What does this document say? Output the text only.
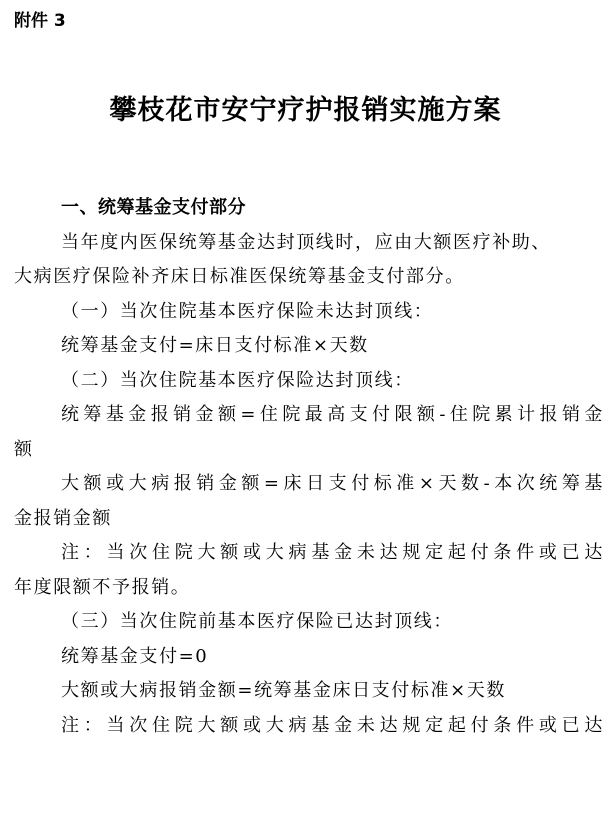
附件 3
攀枝花市安宁疗护报销实施方案
一、统筹基金支付部分
当年度内医保统筹基金达封顶线时，应由大额医疗补助、
大病医疗保险补齐床日标准医保统筹基金支付部分。
（一）当次住院基本医疗保险未达封顶线：
统筹基金支付=床日支付标准×天数
（二）当次住院基本医疗保险达封顶线：
统筹基金报销金额=住院最高支付限额-住院累计报销金
额
大额或大病报销金额=床日支付标准×天数-本次统筹基
金报销金额
注：当次住院大额或大病基金未达规定起付条件或已达
年度限额不予报销。
（三）当次住院前基本医疗保险已达封顶线：
统筹基金支付=0
大额或大病报销金额=统筹基金床日支付标准×天数
注：当次住院大额或大病基金未达规定起付条件或已达
